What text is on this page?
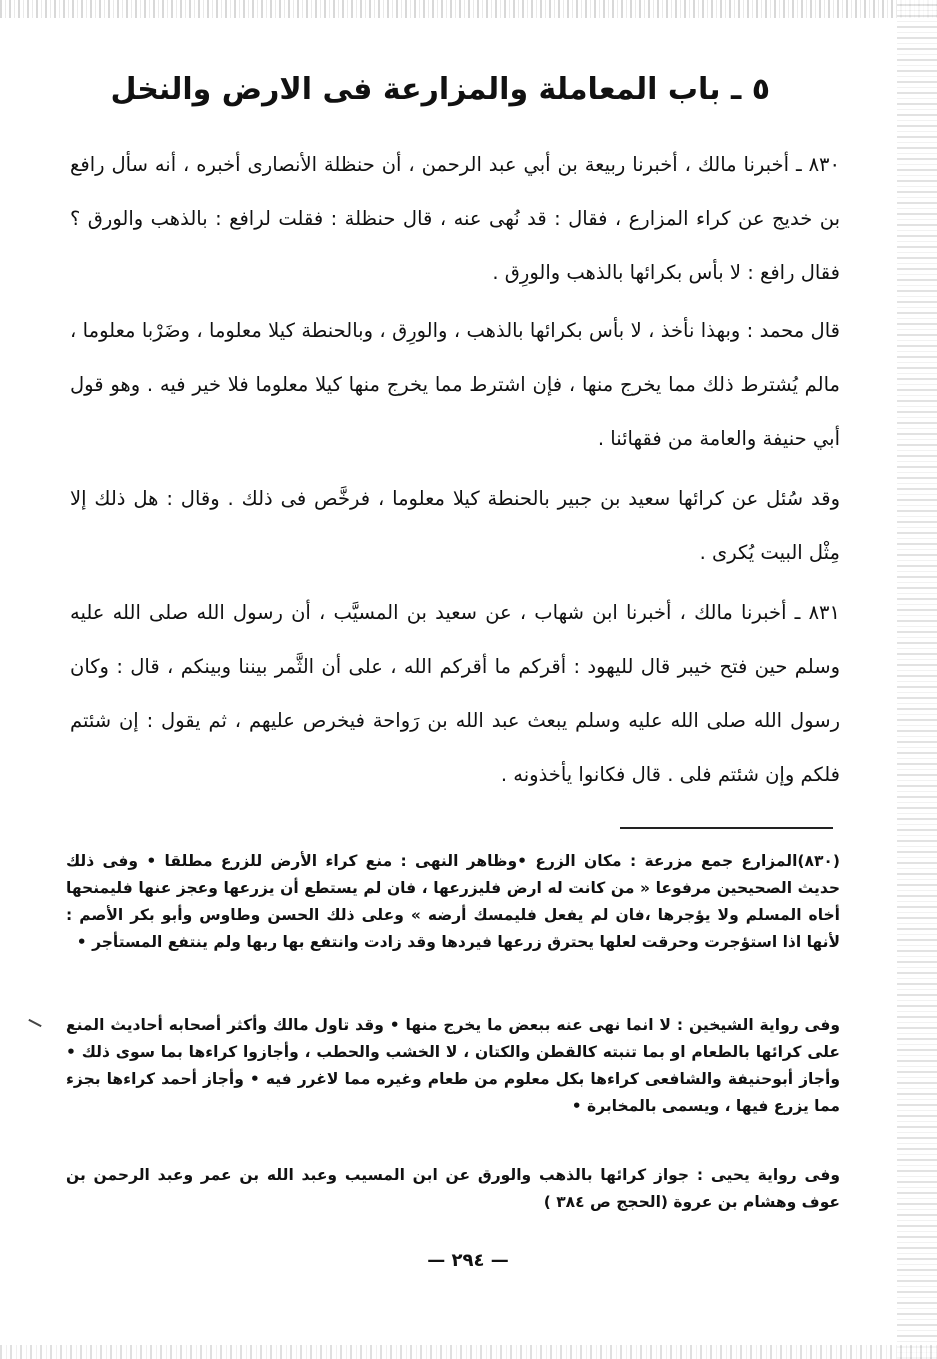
٥ ـ باب المعاملة والمزارعة فى الارض والنخل

٨٣٠ ـ أخبرنا مالك ، أخبرنا ربيعة بن أبي عبد الرحمن ، أن حنظلة الأنصارى أخبره ، أنه سأل رافع بن خديج عن كراء المزارع ، فقال : قد نُهى عنه ، قال حنظلة : فقلت لرافع : بالذهب والورق ؟ فقال رافع : لا بأس بكرائها بالذهب والورِق .

قال محمد : وبهذا نأخذ ، لا بأس بكرائها بالذهب ، والورِق ، وبالحنطة كيلا معلوما ، وضَرْبا معلوما ، مالم يُشترط ذلك مما يخرج منها ، فإن اشترط مما يخرج منها كيلا معلوما فلا خير فيه . وهو قول أبي حنيفة والعامة من فقهائنا .

وقد سُئل عن كرائها سعيد بن جبير بالحنطة كيلا معلوما ، فرخَّص فى ذلك . وقال : هل ذلك إلا مِثْل البيت يُكرى .

٨٣١ ـ أخبرنا مالك ، أخبرنا ابن شهاب ، عن سعيد بن المسيَّب ، أن رسول الله صلى الله عليه وسلم حين فتح خيبر قال لليهود : أقركم ما أقركم الله ، على أن الثَّمر بيننا وبينكم ، قال : وكان رسول الله صلى الله عليه وسلم يبعث عبد الله بن رَواحة فيخرص عليهم ، ثم يقول : إن شئتم فلكم وإن شئتم فلى . قال فكانوا يأخذونه .

(٨٣٠)المزارع جمع مزرعة : مكان الزرع •وظاهر النهى : منع كراء الأرض للزرع مطلقا • وفى ذلك حديث الصحيحين مرفوعا « من كانت له ارض فليزرعها ، فان لم يستطع أن يزرعها وعجز عنها فليمنحها أخاه المسلم ولا يؤجرها ،فان لم يفعل فليمسك أرضه » وعلى ذلك الحسن وطاوس وأبو بكر الأصم : لأنها اذا استؤجرت وحرقت لعلها يحترق زرعها فيردها وقد زادت وانتفع بها ربها ولم ينتفع المستأجر •

وفى رواية الشيخين : لا انما نهى عنه ببعض ما يخرج منها • وقد تاول مالك وأكثر أصحابه أحاديث المنع على كرائها بالطعام او بما تنبته كالقطن والكتان ، لا الخشب والحطب ، وأجازوا كراءها بما سوى ذلك • وأجاز أبوحنيفة والشافعى كراءها بكل معلوم من طعام وغيره مما لاغرر فيه • وأجاز أحمد كراءها بجزء مما يزرع فيها ، ويسمى بالمخابرة •

وفى رواية يحيى : جواز كرائها بالذهب والورق عن ابن المسيب وعبد الله بن عمر وعبد الرحمن بن عوف وهشام بن عروة (الحجج ص ٣٨٤ )

— ٢٩٤ —
